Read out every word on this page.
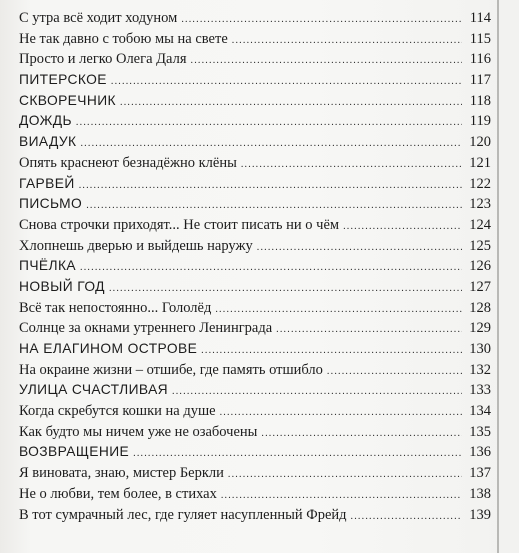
С утра всё ходит ходуном .....	114
Не так давно с тобою мы на свете .....	115
Просто и легко Олега Даля .....	116
ПИТЕРСКОЕ .....	117
СКВОРЕЧНИК .....	118
ДОЖДЬ .....	119
ВИАДУК .....	120
Опять краснеют безнадёжно клёны .....	121
ГАРВЕЙ .....	122
ПИСЬМО .....	123
Снова строчки приходят... Не стоит писать ни о чём .....	124
Хлопнешь дверью и выйдешь наружу .....	125
ПЧЁЛКА .....	126
НОВЫЙ ГОД .....	127
Всё так непостоянно... Гололёд .....	128
Солнце за окнами утреннего Ленинграда .....	129
НА ЕЛАГИНОМ ОСТРОВЕ .....	130
На окраине жизни – отшибе, где память отшибло .....	132
УЛИЦА СЧАСТЛИВАЯ .....	133
Когда скребутся кошки на душе .....	134
Как будто мы ничем уже не озабочены .....	135
ВОЗВРАЩЕНИЕ .....	136
Я виновата, знаю, мистер Беркли .....	137
Не о любви, тем более, в стихах .....	138
В тот сумрачный лес, где гуляет насупленный Фрейд .....	139
